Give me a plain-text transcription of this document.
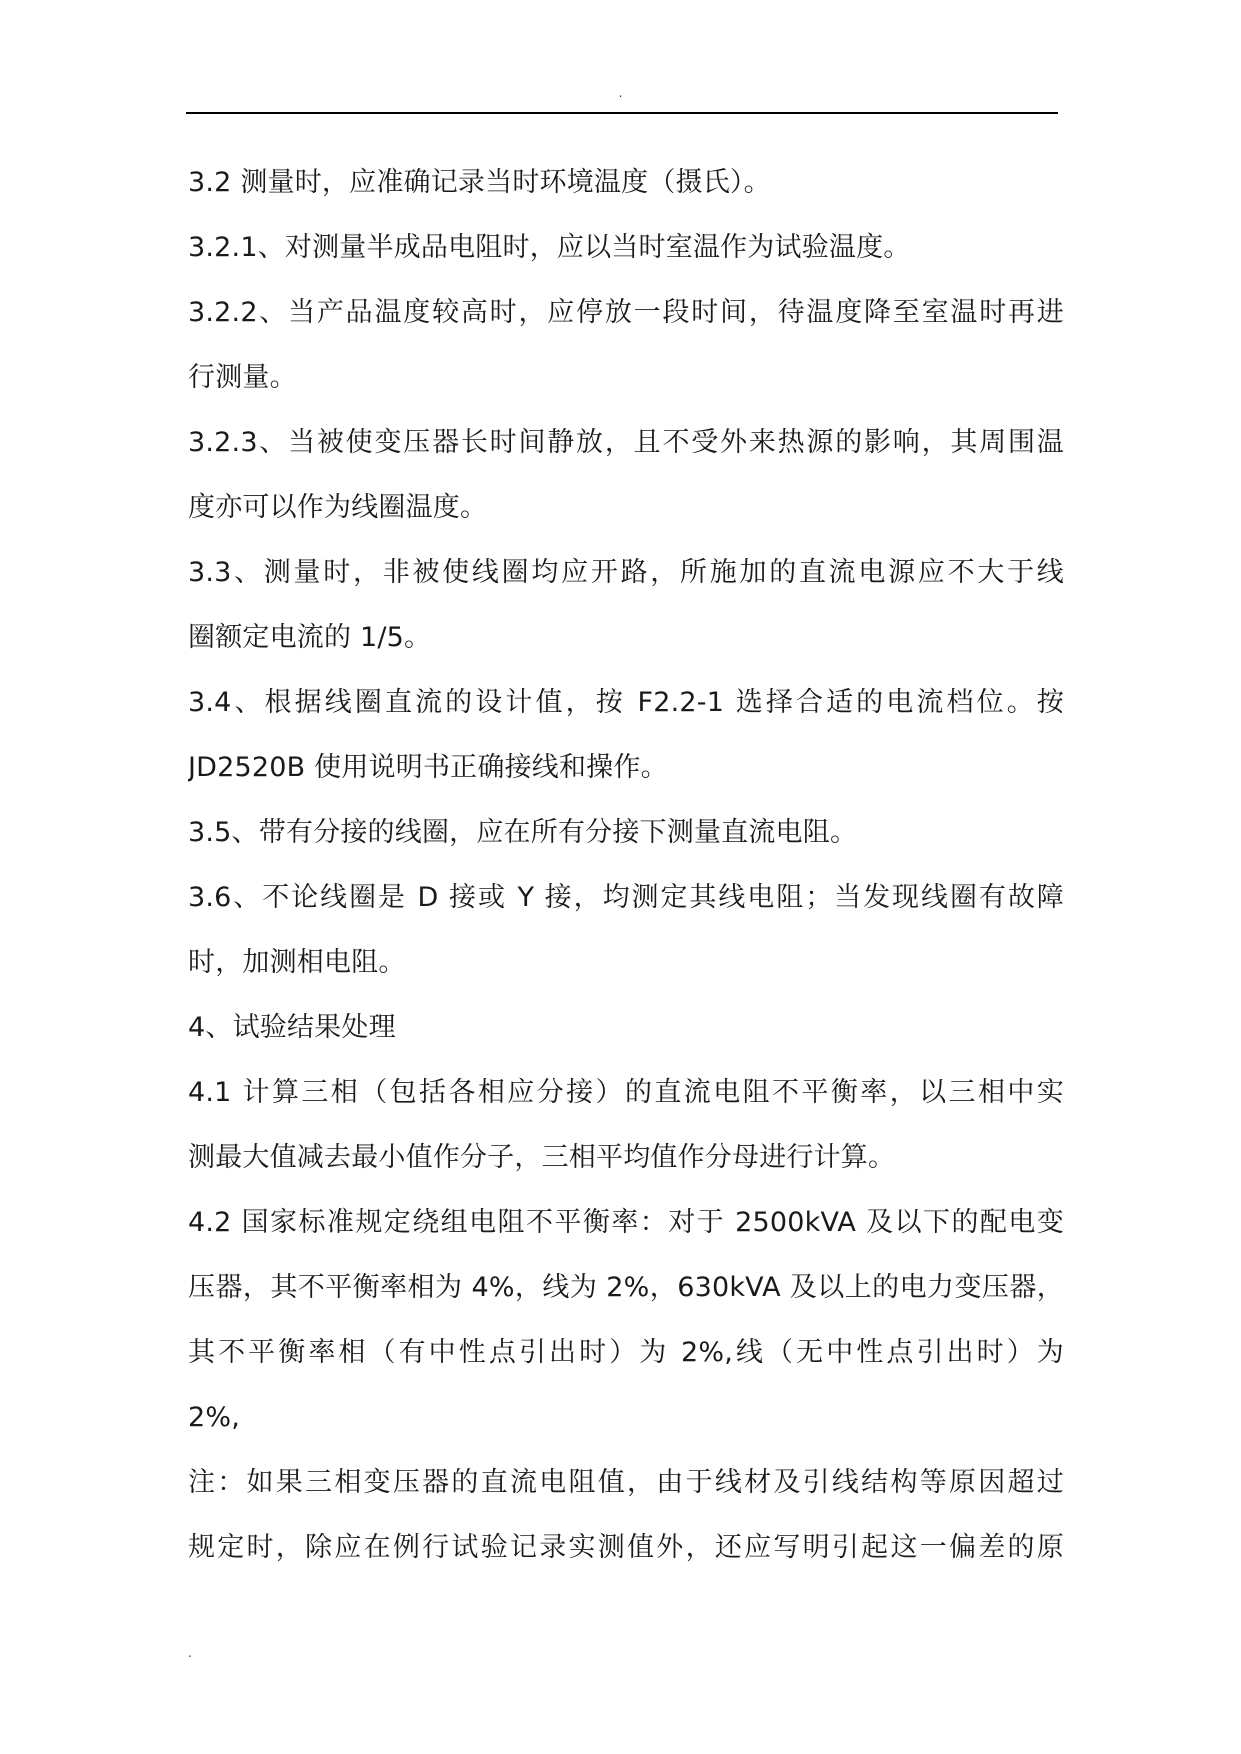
.
3.2 测量时，应准确记录当时环境温度（摄氏）。
3.2.1、对测量半成品电阻时，应以当时室温作为试验温度。
3.2.2、当产品温度较高时，应停放一段时间，待温度降至室温时再进
行测量。
3.2.3、当被使变压器长时间静放，且不受外来热源的影响，其周围温
度亦可以作为线圈温度。
3.3、测量时，非被使线圈均应开路，所施加的直流电源应不大于线
圈额定电流的 1/5。
3.4、根据线圈直流的设计值，按 F2.2-1 选择合适的电流档位。按
JD2520B 使用说明书正确接线和操作。
3.5、带有分接的线圈，应在所有分接下测量直流电阻。
3.6、不论线圈是 D 接或 Y 接，均测定其线电阻；当发现线圈有故障
时，加测相电阻。
4、试验结果处理
4.1 计算三相（包括各相应分接）的直流电阻不平衡率，以三相中实
测最大值减去最小值作分子，三相平均值作分母进行计算。
4.2 国家标准规定绕组电阻不平衡率：对于 2500kVA 及以下的配电变
压器，其不平衡率相为 4%，线为 2%，630kVA 及以上的电力变压器，
其不平衡率相（有中性点引出时）为 2%,线（无中性点引出时）为
2%,
注：如果三相变压器的直流电阻值，由于线材及引线结构等原因超过
规定时，除应在例行试验记录实测值外，还应写明引起这一偏差的原
.
